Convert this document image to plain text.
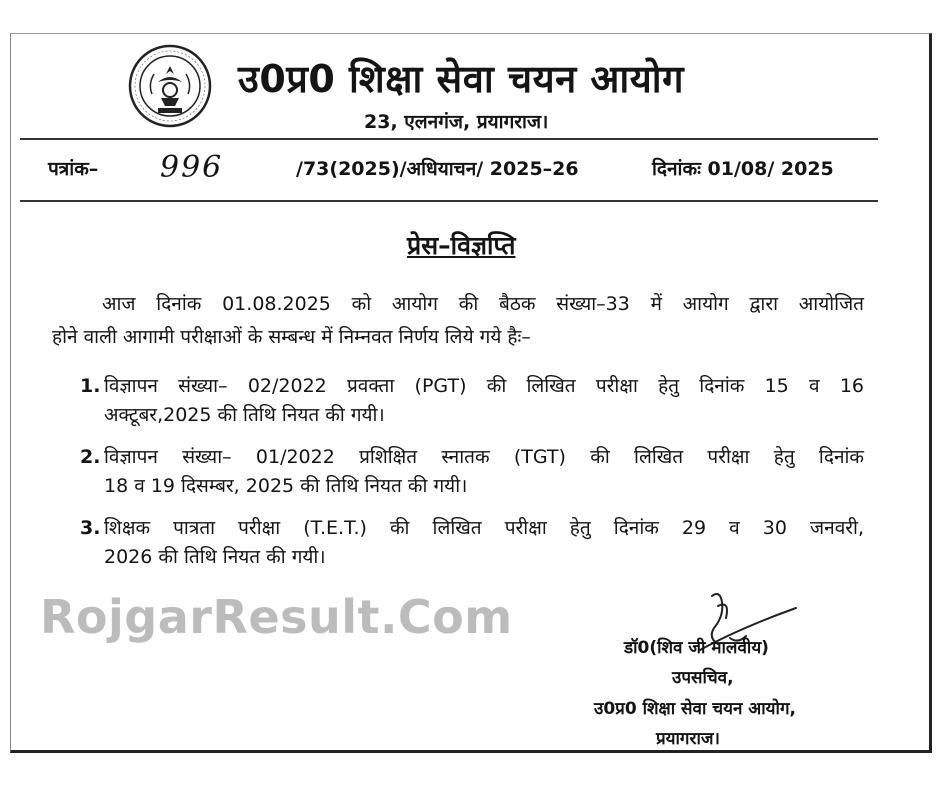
उ0प्र0 शिक्षा सेवा चयन आयोग
23, एलनगंज, प्रयागराज।
पत्रांक– 996	/73(2025)/अधियाचन/ 2025–26	दिनांकः 01/08/ 2025
प्रेस–विज्ञप्ति
आज दिनांक 01.08.2025 को आयोग की बैठक संख्या–33 में आयोग द्वारा आयोजित
होने वाली आगामी परीक्षाओं के सम्बन्ध में निम्नवत निर्णय लिये गये हैः–
1. विज्ञापन संख्या– 02/2022 प्रवक्ता (PGT) की लिखित परीक्षा हेतु दिनांक 15 व 16
अक्टूबर,2025 की तिथि नियत की गयी।
2. विज्ञापन संख्या– 01/2022 प्रशिक्षित स्नातक (TGT) की लिखित परीक्षा हेतु दिनांक
18 व 19 दिसम्बर, 2025 की तिथि नियत की गयी।
3. शिक्षक पात्रता परीक्षा (T.E.T.) की लिखित परीक्षा हेतु दिनांक 29 व 30 जनवरी,
2026 की तिथि नियत की गयी।
RojgarResult.Com
डॉ0(शिव जी मालवीय)
उपसचिव,
उ0प्र0 शिक्षा सेवा चयन आयोग,
प्रयागराज।
